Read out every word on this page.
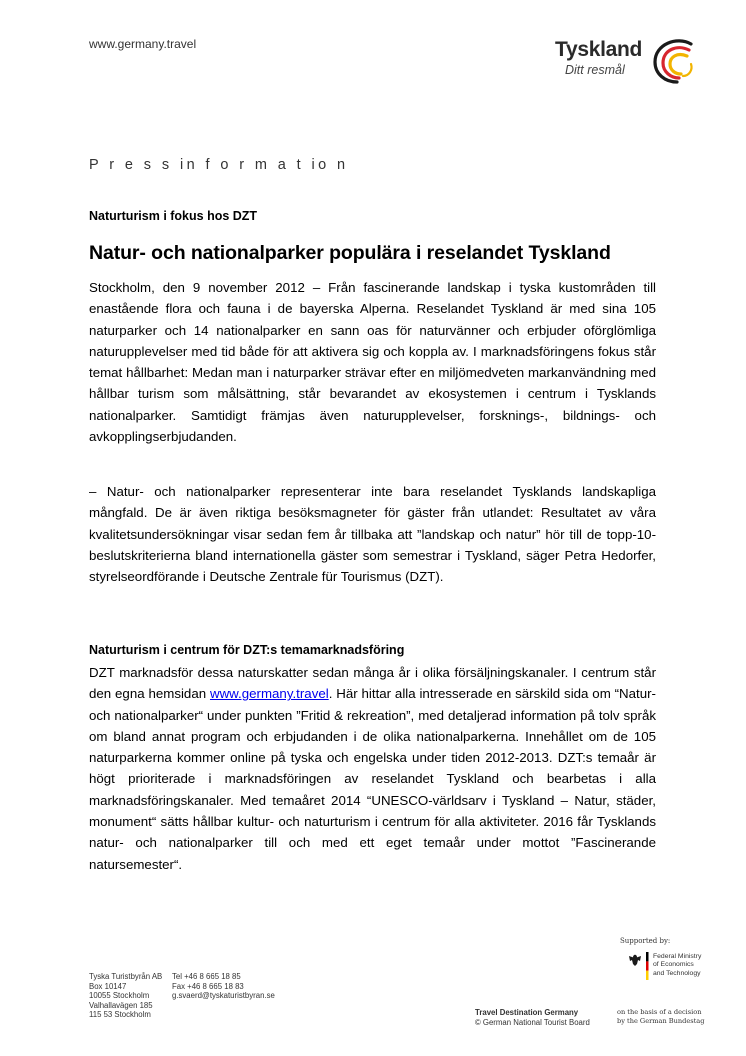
www.germany.travel	Tyskland
Ditt resmål
P r e s s in f o r m a t io n
Naturturism i fokus hos DZT
Natur- och nationalparker populära i reselandet Tyskland
Stockholm, den 9 november 2012 – Från fascinerande landskap i tyska kustområden till enastående flora och fauna i de bayerska Alperna. Reselandet Tyskland är med sina 105 naturparker och 14 nationalparker en sann oas för naturvänner och erbjuder oförglömliga naturupplevelser med tid både för att aktivera sig och koppla av. I marknadsföringens fokus står temat hållbarhet: Medan man i naturparker strävar efter en miljömedveten markanvändning med hållbar turism som målsättning, står bevarandet av ekosystemen i centrum i Tysklands nationalparker. Samtidigt främjas även naturupplevelser, forsknings-, bildnings- och avkopplingserbjudanden.
– Natur- och nationalparker representerar inte bara reselandet Tysklands landskapliga mångfald. De är även riktiga besöksmagneter för gäster från utlandet: Resultatet av våra kvalitetsundersökningar visar sedan fem år tillbaka att ”landskap och natur” hör till de topp-10-beslutskriterierna bland internationella gäster som semestrar i Tyskland, säger Petra Hedorfer, styrelseordförande i Deutsche Zentrale für Tourismus (DZT).
Naturturism i centrum för DZT:s temamarknadsföring
DZT marknadsför dessa naturskatter sedan många år i olika försäljningskanaler. I centrum står den egna hemsidan www.germany.travel. Här hittar alla intresserade en särskild sida om “Natur- och nationalparker“ under punkten ”Fritid & rekreation”, med detaljerad information på tolv språk om bland annat program och erbjudanden i de olika nationalparkerna. Innehållet om de 105 naturparkerna kommer online på tyska och engelska under tiden 2012-2013. DZT:s temaår är högt prioriterade i marknadsföringen av reselandet Tyskland och bearbetas i alla marknadsföringskanaler. Med temaåret 2014 “UNESCO-världsarv i Tyskland – Natur, städer, monument“ sätts hållbar kultur- och naturturism i centrum för alla aktiviteter. 2016 får Tysklands natur- och nationalparker till och med ett eget temaår under mottot ”Fascinerande natursemester“.
Tyska Turistbyrån AB
Box 10147
10055 Stockholm
Valhallavägen 185
115 53 Stockholm
Tel +46 8 665 18 85
Fax +46 8 665 18 83
g.svaerd@tyskaturistbyran.se
Travel Destination Germany
© German National Tourist Board
Supported by:
Federal Ministry
of Economics
and Technology
on the basis of a decision
by the German Bundestag
